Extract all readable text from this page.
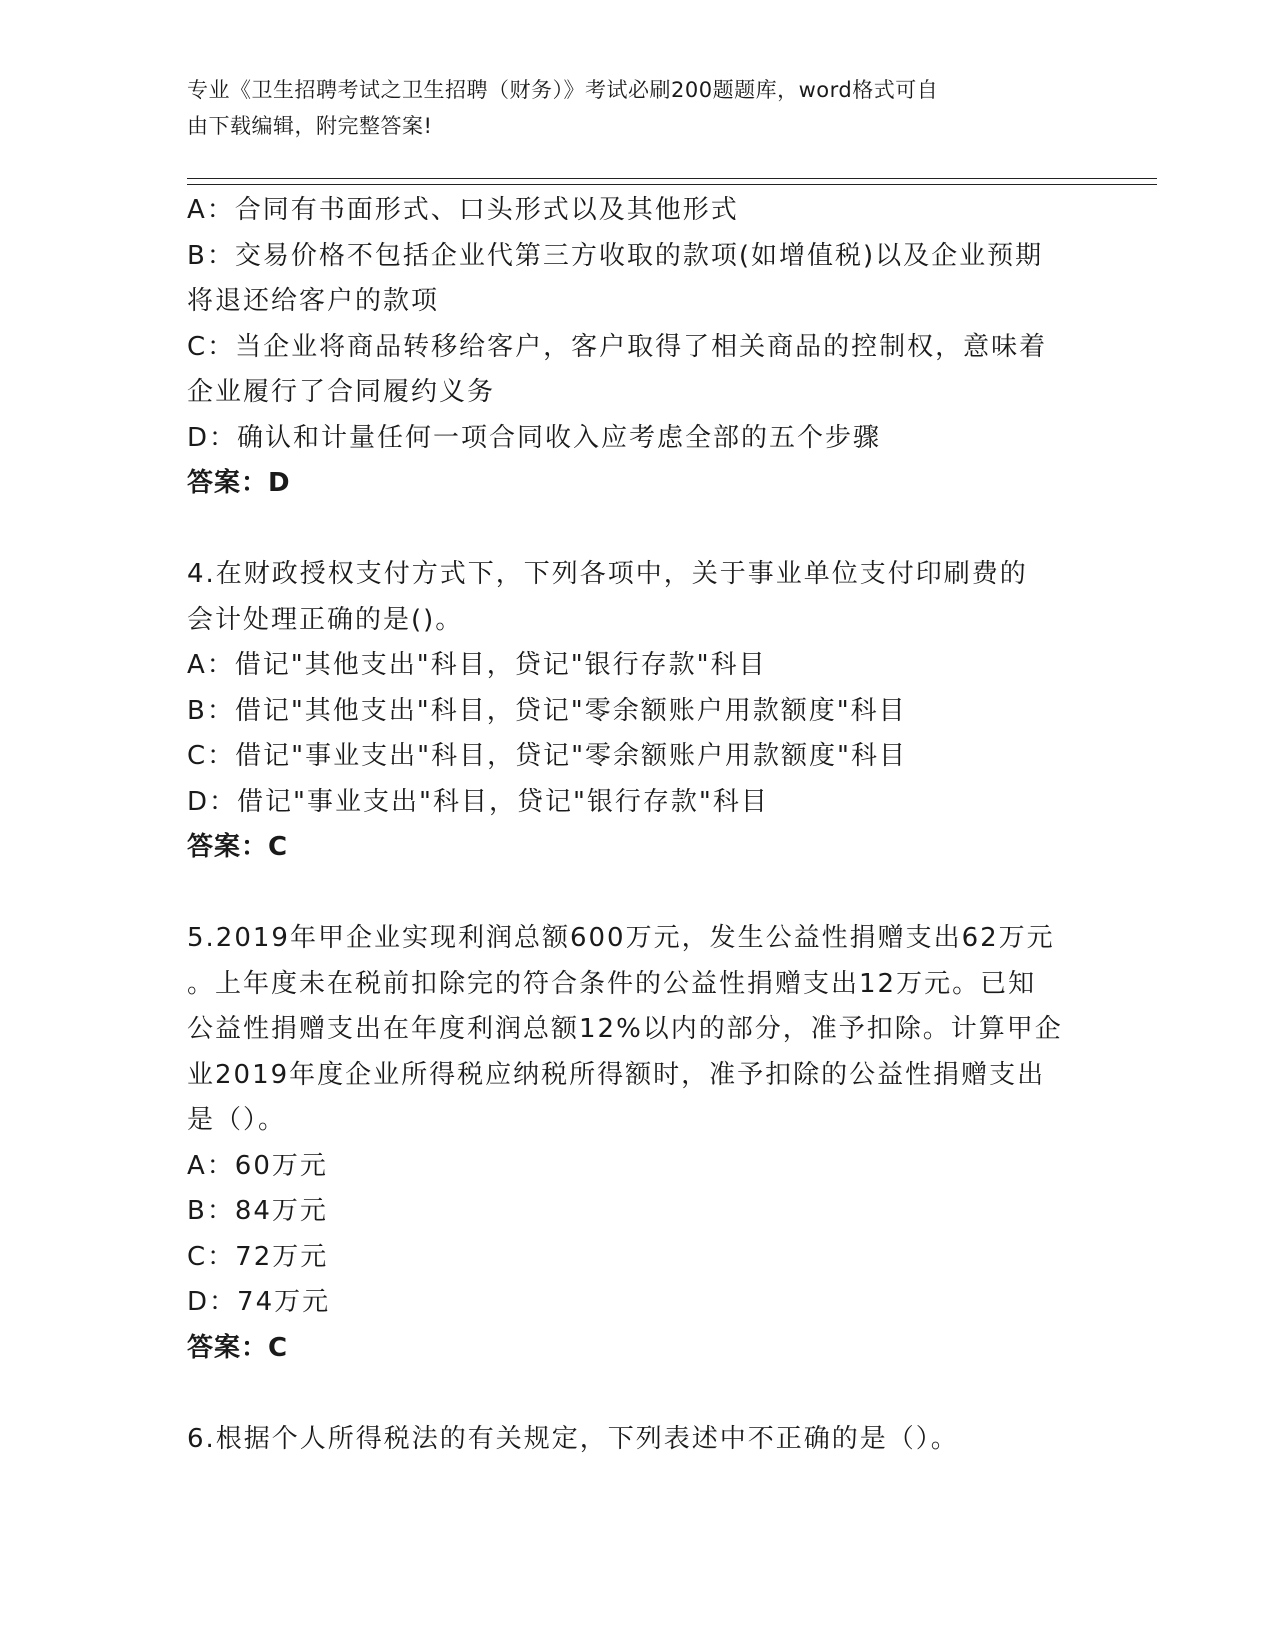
专业《卫生招聘考试之卫生招聘（财务）》考试必刷200题题库，word格式可自
由下载编辑，附完整答案!
A：合同有书面形式、口头形式以及其他形式
B：交易价格不包括企业代第三方收取的款项(如增值税)以及企业预期
将退还给客户的款项
C：当企业将商品转移给客户，客户取得了相关商品的控制权，意味着
企业履行了合同履约义务
D：确认和计量任何一项合同收入应考虑全部的五个步骤
答案：D
4.在财政授权支付方式下，下列各项中，关于事业单位支付印刷费的
会计处理正确的是()。
A：借记"其他支出"科目，贷记"银行存款"科目
B：借记"其他支出"科目，贷记"零余额账户用款额度"科目
C：借记"事业支出"科目，贷记"零余额账户用款额度"科目
D：借记"事业支出"科目，贷记"银行存款"科目
答案：C
5.2019年甲企业实现利润总额600万元，发生公益性捐赠支出62万元
。上年度未在税前扣除完的符合条件的公益性捐赠支出12万元。已知
公益性捐赠支出在年度利润总额12%以内的部分，准予扣除。计算甲企
业2019年度企业所得税应纳税所得额时，准予扣除的公益性捐赠支出
是（）。
A：60万元
B：84万元
C：72万元
D：74万元
答案：C
6.根据个人所得税法的有关规定，下列表述中不正确的是（）。
